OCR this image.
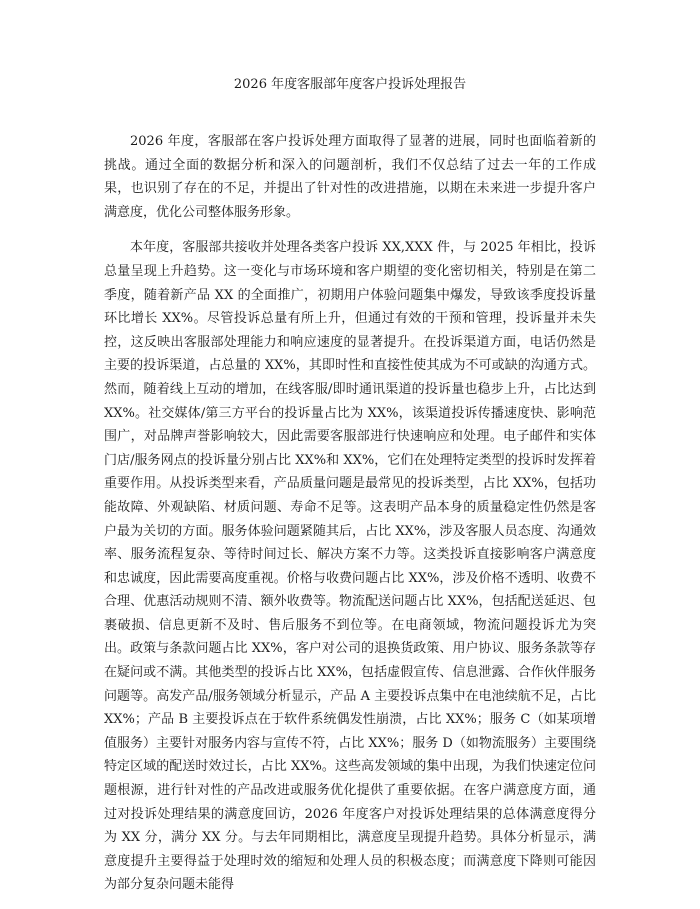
2026 年度客服部年度客户投诉处理报告

2026 年度，客服部在客户投诉处理方面取得了显著的进展，同时也面临着新的挑战。通过全面的数据分析和深入的问题剖析，我们不仅总结了过去一年的工作成果，也识别了存在的不足，并提出了针对性的改进措施，以期在未来进一步提升客户满意度，优化公司整体服务形象。

本年度，客服部共接收并处理各类客户投诉 XX,XXX 件，与 2025 年相比，投诉总量呈现上升趋势。这一变化与市场环境和客户期望的变化密切相关，特别是在第二季度，随着新产品 XX 的全面推广，初期用户体验问题集中爆发，导致该季度投诉量环比增长 XX%。尽管投诉总量有所上升，但通过有效的干预和管理，投诉量并未失控，这反映出客服部处理能力和响应速度的显著提升。在投诉渠道方面，电话仍然是主要的投诉渠道，占总量的 XX%，其即时性和直接性使其成为不可或缺的沟通方式。然而，随着线上互动的增加，在线客服/即时通讯渠道的投诉量也稳步上升，占比达到 XX%。社交媒体/第三方平台的投诉量占比为 XX%，该渠道投诉传播速度快、影响范围广，对品牌声誉影响较大，因此需要客服部进行快速响应和处理。电子邮件和实体门店/服务网点的投诉量分别占比 XX%和 XX%，它们在处理特定类型的投诉时发挥着重要作用。从投诉类型来看，产品质量问题是最常见的投诉类型，占比 XX%，包括功能故障、外观缺陷、材质问题、寿命不足等。这表明产品本身的质量稳定性仍然是客户最为关切的方面。服务体验问题紧随其后，占比 XX%，涉及客服人员态度、沟通效率、服务流程复杂、等待时间过长、解决方案不力等。这类投诉直接影响客户满意度和忠诚度，因此需要高度重视。价格与收费问题占比 XX%，涉及价格不透明、收费不合理、优惠活动规则不清、额外收费等。物流配送问题占比 XX%，包括配送延迟、包裹破损、信息更新不及时、售后服务不到位等。在电商领域，物流问题投诉尤为突出。政策与条款问题占比 XX%，客户对公司的退换货政策、用户协议、服务条款等存在疑问或不满。其他类型的投诉占比 XX%，包括虚假宣传、信息泄露、合作伙伴服务问题等。高发产品/服务领域分析显示，产品 A 主要投诉点集中在电池续航不足，占比 XX%；产品 B 主要投诉点在于软件系统偶发性崩溃，占比 XX%；服务 C（如某项增值服务）主要针对服务内容与宣传不符，占比 XX%；服务 D（如物流服务）主要围绕特定区域的配送时效过长，占比 XX%。这些高发领域的集中出现，为我们快速定位问题根源，进行针对性的产品改进或服务优化提供了重要依据。在客户满意度方面，通过对投诉处理结果的满意度回访，2026 年度客户对投诉处理结果的总体满意度得分为 XX 分，满分 XX 分。与去年同期相比，满意度呈现提升趋势。具体分析显示，满意度提升主要得益于处理时效的缩短和处理人员的积极态度；而满意度下降则可能因为部分复杂问题未能得
